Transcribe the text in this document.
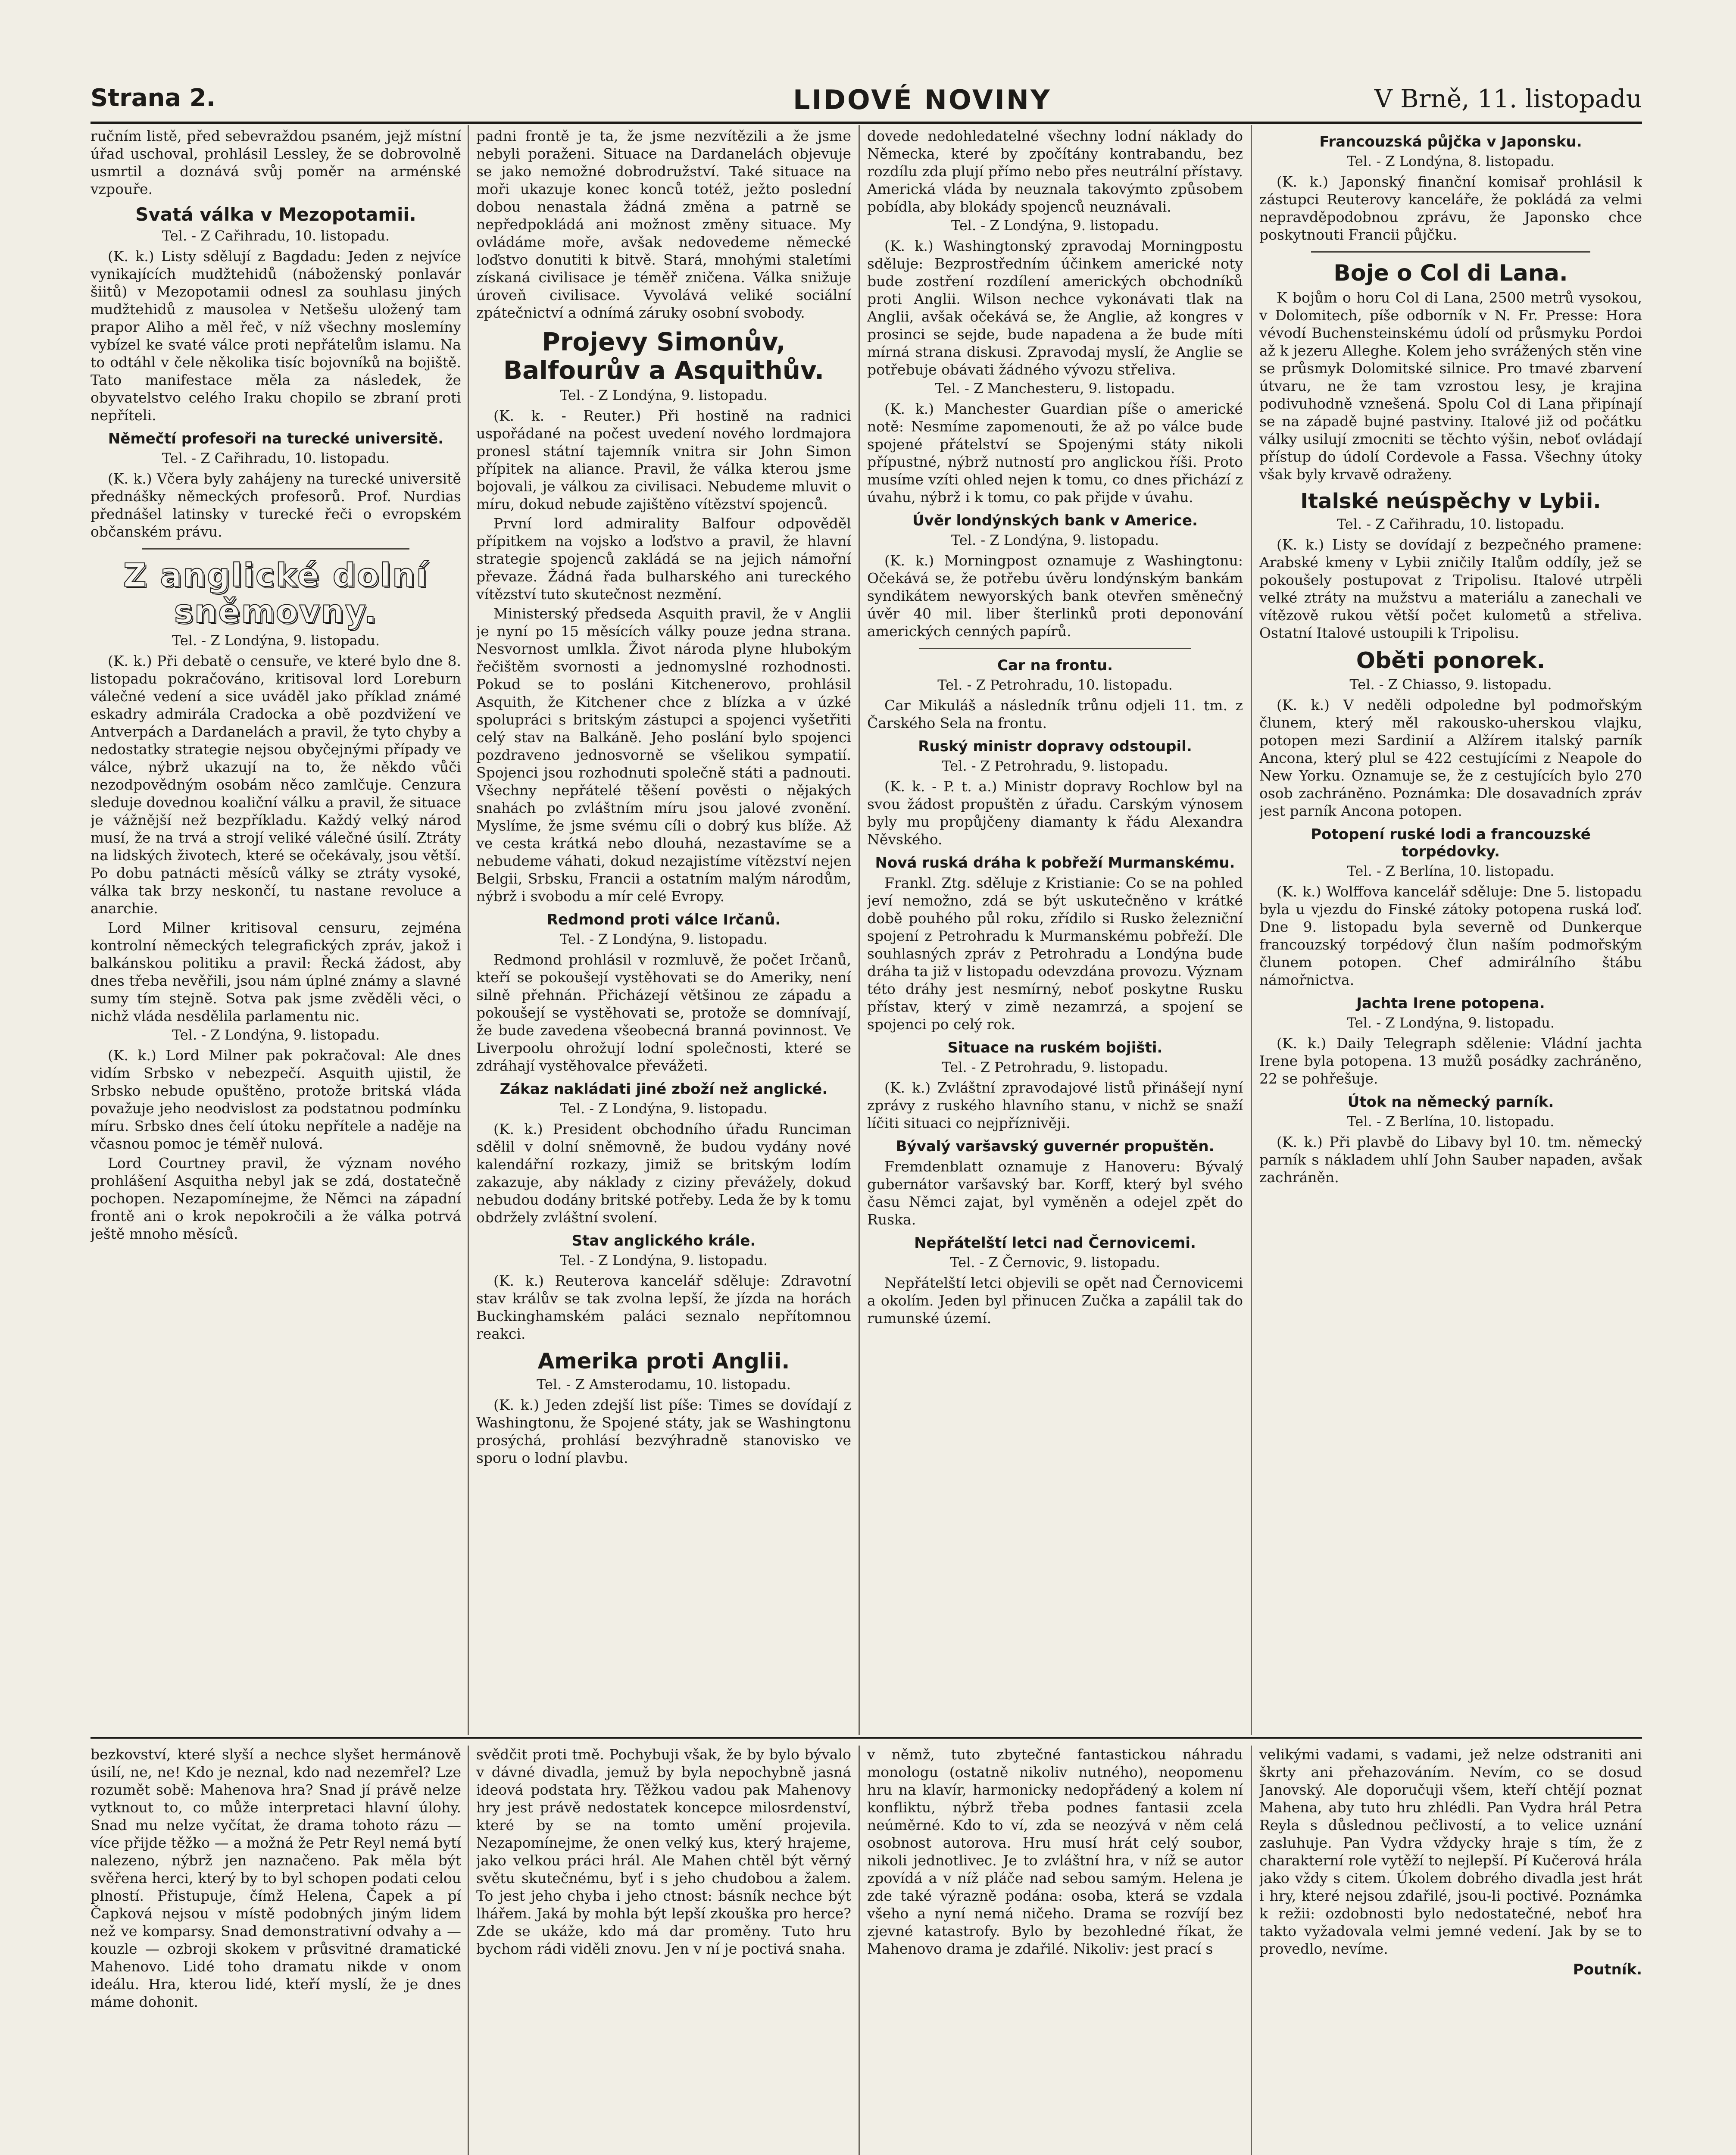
Strana 2.	LIDOVÉ NOVINY	V Brně, 11. listopadu

ručním listě, před sebevraždou psaném, jejž místní úřad uschoval, prohlásil Lessley, že se dobrovolně usmrtil a doznává svůj poměr na arménské vzpouře.

Svatá válka v Mezopotamii.
Tel. - Z Cařihradu, 10. listopadu.

(K. k.) Listy sdělují z Bagdadu: Jeden z nejvíce vynikajících mudžtehidů (náboženský ponlavár šiitů) v Mezopotamii odnesl za souhlasu jiných mudžtehidů z mausolea v Netšešu uložený tam prapor Aliho a měl řeč, v níž všechny moslemíny vybízel ke svaté válce proti nepřátelům islamu. Na to odtáhl v čele několika tisíc bojovníků na bojiště. Tato manifestace měla za následek, že obyvatelstvo celého Iraku chopilo se zbraní proti nepříteli.

Němečtí profesoři na turecké universitě.
Tel. - Z Cařihradu, 10. listopadu.

(K. k.) Včera byly zahájeny na turecké universitě přednášky německých profesorů. Prof. Nurdias přednášel latinsky v turecké řeči o evropském občanském právu.

Z anglické dolní sněmovny.
Tel. - Z Londýna, 9. listopadu.

(K. k.) Při debatě o censuře, ve které bylo dne 8. listopadu pokračováno, kritisoval lord Loreburn válečné vedení a sice uváděl jako příklad známé eskadry admirála Cradocka a obě pozdvižení ve Antverpách a Dardanelách a pravil, že tyto chyby a nedostatky strategie nejsou obyčejnými případy ve válce, nýbrž ukazují na to, že někdo vůči nezodpovědným osobám něco zamlčuje. Cenzura sleduje dovednou koaliční válku a pravil, že situace je vážnější než bezpříkladu. Každý velký národ musí, že na trvá a strojí veliké válečné úsilí. Ztráty na lidských životech, které se očekávaly, jsou větší. Po dobu patnácti měsíců války se ztráty vysoké, válka tak brzy neskončí, tu nastane revoluce a anarchie.

Lord Milner kritisoval censuru, zejména kontrolní německých telegrafických zpráv, jakož i balkánskou politiku a pravil: Řecká žádost, aby dnes třeba nevěřili, jsou nám úplné známy a slavné sumy tím stejně. Sotva pak jsme zvěděli věci, o nichž vláda nesdělila parlamentu nic.

Tel. - Z Londýna, 9. listopadu.

(K. k.) Lord Milner pak pokračoval: Ale dnes vidím Srbsko v nebezpečí. Asquith ujistil, že Srbsko nebude opuštěno, protože britská vláda považuje jeho neodvislost za podstatnou podmínku míru. Srbsko dnes čelí útoku nepřítele a naděje na včasnou pomoc je téměř nulová.

Lord Courtney pravil, že význam nového prohlášení Asquitha nebyl jak se zdá, dostatečně pochopen. Nezapomínejme, že Němci na západní frontě ani o krok nepokročili a že válka potrvá ještě mnoho měsíců.

padni frontě je ta, že jsme nezvítězili a že jsme nebyli poraženi. Situace na Dardanelách objevuje se jako nemožné dobrodružství. Také situace na moři ukazuje konec konců totéž, ježto poslední dobou nenastala žádná změna a patrně se nepředpokládá ani možnost změny situace. My ovládáme moře, avšak nedovedeme německé loďstvo donutiti k bitvě. Stará, mnohými staletími získaná civilisace je téměř zničena. Válka snižuje úroveň civilisace. Vyvolává veliké sociální zpátečnictví a odnímá záruky osobní svobody.

Projevy Simonův, Balfourův a Asquithův.
Tel. - Z Londýna, 9. listopadu.

(K. k. - Reuter.) Při hostině na radnici uspořádané na počest uvedení nového lordmajora pronesl státní tajemník vnitra sir John Simon přípitek na aliance. Pravil, že válka kterou jsme bojovali, je válkou za civilisaci. Nebudeme mluvit o míru, dokud nebude zajištěno vítězství spojenců.

První lord admirality Balfour odpověděl přípitkem na vojsko a loďstvo a pravil, že hlavní strategie spojenců zakládá se na jejich námořní převaze. Žádná řada bulharského ani tureckého vítězství tuto skutečnost nezmění.

Ministerský předseda Asquith pravil, že v Anglii je nyní po 15 měsících války pouze jedna strana. Nesvornost umlkla. Život národa plyne hlubokým řečištěm svornosti a jednomyslné rozhodnosti. Pokud se to posláni Kitchenerovo, prohlásil Asquith, že Kitchener chce z blízka a v úzké spolupráci s britským zástupci a spojenci vyšetřiti celý stav na Balkáně. Jeho poslání bylo spojenci pozdraveno jednosvorně se všelikou sympatií. Spojenci jsou rozhodnuti společně státi a padnouti. Všechny nepřátelé těšení pověsti o nějakých snahách po zvláštním míru jsou jalové zvonění. Myslíme, že jsme svému cíli o dobrý kus blíže. Až ve cesta krátká nebo dlouhá, nezastavíme se a nebudeme váhati, dokud nezajistíme vítězství nejen Belgii, Srbsku, Francii a ostatním malým národům, nýbrž i svobodu a mír celé Evropy.

Redmond proti válce Irčanů.
Tel. - Z Londýna, 9. listopadu.

Redmond prohlásil v rozmluvě, že počet Irčanů, kteří se pokoušejí vystěhovati se do Ameriky, není silně přehnán. Přicházejí většinou ze západu a pokoušejí se vystěhovati se, protože se domnívají, že bude zavedena všeobecná branná povinnost. Ve Liverpoolu ohrožují lodní společnosti, které se zdráhají vystěhovalce převážeti.

Zákaz nakládati jiné zboží než anglické.
Tel. - Z Londýna, 9. listopadu.

(K. k.) President obchodního úřadu Runciman sdělil v dolní sněmovně, že budou vydány nové kalendářní rozkazy, jimiž se britským lodím zakazuje, aby náklady z ciziny převážely, dokud nebudou dodány britské potřeby. Leda že by k tomu obdržely zvláštní svolení.

Stav anglického krále.
Tel. - Z Londýna, 9. listopadu.

(K. k.) Reuterova kancelář sděluje: Zdravotní stav králův se tak zvolna lepší, že jízda na horách Buckinghamském paláci seznalo nepřítomnou reakci.

Amerika proti Anglii.
Tel. - Z Amsterodamu, 10. listopadu.

(K. k.) Jeden zdejší list píše: Times se dovídají z Washingtonu, že Spojené státy, jak se Washingtonu prosýchá, prohlásí bezvýhradně stanovisko ve sporu o lodní plavbu.

dovede nedohledatelné všechny lodní náklady do Německa, které by zpočítány kontrabandu, bez rozdílu zda plují přímo nebo přes neutrální přístavy. Americká vláda by neuznala takovýmto způsobem pobídla, aby blokády spojenců neuznávali.

Tel. - Z Londýna, 9. listopadu.

(K. k.) Washingtonský zpravodaj Morningpostu sděluje: Bezprostředním účinkem americké noty bude zostření rozdílení amerických obchodníků proti Anglii. Wilson nechce vykonávati tlak na Anglii, avšak očekává se, že Anglie, až kongres v prosinci se sejde, bude napadena a že bude míti mírná strana diskusi. Zpravodaj myslí, že Anglie se potřebuje obávati žádného vývozu střeliva.

Tel. - Z Manchesteru, 9. listopadu.

(K. k.) Manchester Guardian píše o americké notě: Nesmíme zapomenouti, že až po válce bude spojené přátelství se Spojenými státy nikoli přípustné, nýbrž nutností pro anglickou říši. Proto musíme vzíti ohled nejen k tomu, co dnes přichází z úvahu, nýbrž i k tomu, co pak přijde v úvahu.

Úvěr londýnských bank v Americe.
Tel. - Z Londýna, 9. listopadu.

(K. k.) Morningpost oznamuje z Washingtonu: Očekává se, že potřebu úvěru londýnským bankám syndikátem newyorských bank otevřen směnečný úvěr 40 mil. liber šterlinků proti deponování amerických cenných papírů.

Car na frontu.
Tel. - Z Petrohradu, 10. listopadu.

Car Mikuláš a následník trůnu odjeli 11. tm. z Čarského Sela na frontu.

Ruský ministr dopravy odstoupil.
Tel. - Z Petrohradu, 9. listopadu.

(K. k. - P. t. a.) Ministr dopravy Rochlow byl na svou žádost propuštěn z úřadu. Carským výnosem byly mu propůjčeny diamanty k řádu Alexandra Něvského.

Nová ruská dráha k pobřeží Murmanskému.

Frankl. Ztg. sděluje z Kristianie: Co se na pohled jeví nemožno, zdá se být uskutečněno v krátké době pouhého půl roku, zřídilo si Rusko železniční spojení z Petrohradu k Murmanskému pobřeží. Dle souhlasných zpráv z Petrohradu a Londýna bude dráha ta již v listopadu odevzdána provozu. Význam této dráhy jest nesmírný, neboť poskytne Rusku přístav, který v zimě nezamrzá, a spojení se spojenci po celý rok.

Situace na ruském bojišti.
Tel. - Z Petrohradu, 9. listopadu.

(K. k.) Zvláštní zpravodajové listů přinášejí nyní zprávy z ruského hlavního stanu, v nichž se snaží líčiti situaci co nejpříznivěji.

Bývalý varšavský guvernér propuštěn.

Fremdenblatt oznamuje z Hanoveru: Bývalý gubernátor varšavský bar. Korff, který byl svého času Němci zajat, byl vyměněn a odejel zpět do Ruska.

Nepřátelští letci nad Černovicemi.
Tel. - Z Černovic, 9. listopadu.

Nepřátelští letci objevili se opět nad Černovicemi a okolím. Jeden byl přinucen Zučka a zapálil tak do rumunské území.

Francouzská půjčka v Japonsku.
Tel. - Z Londýna, 8. listopadu.

(K. k.) Japonský finanční komisař prohlásil k zástupci Reuterovy kanceláře, že pokládá za velmi nepravděpodobnou zprávu, že Japonsko chce poskytnouti Francii půjčku.

Boje o Col di Lana.

K bojům o horu Col di Lana, 2500 metrů vysokou, v Dolomitech, píše odborník v N. Fr. Presse: Hora vévodí Buchensteinskému údolí od průsmyku Pordoi až k jezeru Alleghe. Kolem jeho svrážených stěn vine se průsmyk Dolomitské silnice. Pro tmavé zbarvení útvaru, ne že tam vzrostou lesy, je krajina podivuhodně vznešená. Spolu Col di Lana připínají se na západě bujné pastviny. Italové již od počátku války usilují zmocniti se těchto výšin, neboť ovládají přístup do údolí Cordevole a Fassa. Všechny útoky však byly krvavě odraženy.

Italské neúspěchy v Lybii.
Tel. - Z Cařihradu, 10. listopadu.

(K. k.) Listy se dovídají z bezpečného pramene: Arabské kmeny v Lybii zničily Italům oddíly, jež se pokoušely postupovat z Tripolisu. Italové utrpěli velké ztráty na mužstvu a materiálu a zanechali ve vítězově rukou větší počet kulometů a střeliva. Ostatní Italové ustoupili k Tripolisu.

Oběti ponorek.
Tel. - Z Chiasso, 9. listopadu.

(K. k.) V neděli odpoledne byl podmořským člunem, který měl rakousko-uherskou vlajku, potopen mezi Sardinií a Alžírem italský parník Ancona, který plul se 422 cestujícími z Neapole do New Yorku. Oznamuje se, že z cestujících bylo 270 osob zachráněno. Poznámka: Dle dosavadních zpráv jest parník Ancona potopen.

Potopení ruské lodi a francouzské torpédovky.
Tel. - Z Berlína, 10. listopadu.

(K. k.) Wolffova kancelář sděluje: Dne 5. listopadu byla u vjezdu do Finské zátoky potopena ruská loď. Dne 9. listopadu byla severně od Dunkerque francouzský torpédový člun naším podmořským člunem potopen. Chef admirálního štábu námořnictva.

Jachta Irene potopena.
Tel. - Z Londýna, 9. listopadu.

(K. k.) Daily Telegraph sdělenie: Vládní jachta Irene byla potopena. 13 mužů posádky zachráněno, 22 se pohřešuje.

Útok na německý parník.
Tel. - Z Berlína, 10. listopadu.

(K. k.) Při plavbě do Libavy byl 10. tm. německý parník s nákladem uhlí John Sauber napaden, avšak zachráněn.

bezkovství, které slyší a nechce slyšet hermánově úsilí, ne, ne! Kdo je neznal, kdo nad nezemřel? Lze rozumět sobě: Mahenova hra? Snad jí právě nelze vytknout to, co může interpretaci hlavní úlohy. Snad mu nelze vyčítat, že drama tohoto rázu — více přijde těžko — a možná že Petr Reyl nemá bytí nalezeno, nýbrž jen naznačeno. Pak měla být svěřena herci, který by to byl schopen podati celou plností. Přistupuje, čímž Helena, Čapek a pí Čapková nejsou v místě podobných jiným lidem než ve komparsy. Snad demonstrativní odvahy a — kouzle — ozbroji skokem v průsvitné dramatické Mahenovo. Lidé toho dramatu nikde v onom ideálu. Hra, kterou lidé, kteří myslí, že je dnes máme dohonit.

svědčit proti tmě. Pochybuji však, že by bylo bývalo v dávné divadla, jemuž by byla nepochybně jasná ideová podstata hry. Těžkou vadou pak Mahenovy hry jest právě nedostatek koncepce milosrdenství, které by se na tomto umění projevila. Nezapomínejme, že onen velký kus, který hrajeme, jako velkou práci hrál. Ale Mahen chtěl být věrný světu skutečnému, byť i s jeho chudobou a žalem. To jest jeho chyba i jeho ctnost: básník nechce být lhářem. Jaká by mohla být lepší zkouška pro herce? Zde se ukáže, kdo má dar proměny. Tuto hru bychom rádi viděli znovu. Jen v ní je poctivá snaha.

v němž, tuto zbytečné fantastickou náhradu monologu (ostatně nikoliv nutného), neopomenu hru na klavír, harmonicky nedopřádený a kolem ní konfliktu, nýbrž třeba podnes fantasii zcela neúměrné. Kdo to ví, zda se neozývá v něm celá osobnost autorova. Hru musí hrát celý soubor, nikoli jednotlivec. Je to zvláštní hra, v níž se autor zpovídá a v níž pláče nad sebou samým. Helena je zde také výrazně podána: osoba, která se vzdala všeho a nyní nemá ničeho. Drama se rozvíjí bez zjevné katastrofy. Bylo by bezohledné říkat, že Mahenovo drama je zdařilé. Nikoliv: jest prací s

velikými vadami, s vadami, jež nelze odstraniti ani škrty ani přehazováním. Nevím, co se dosud Janovský. Ale doporučuji všem, kteří chtějí poznat Mahena, aby tuto hru zhlédli. Pan Vydra hrál Petra Reyla s důslednou pečlivostí, a to velice uznání zasluhuje. Pan Vydra vždycky hraje s tím, že z charakterní role vytěží to nejlepší. Pí Kučerová hrála jako vždy s citem. Úkolem dobrého divadla jest hrát i hry, které nejsou zdařilé, jsou-li poctivé. Poznámka k režii: ozdobnosti bylo nedostatečné, neboť hra takto vyžadovala velmi jemné vedení. Jak by se to provedlo, nevíme.

Poutník.
